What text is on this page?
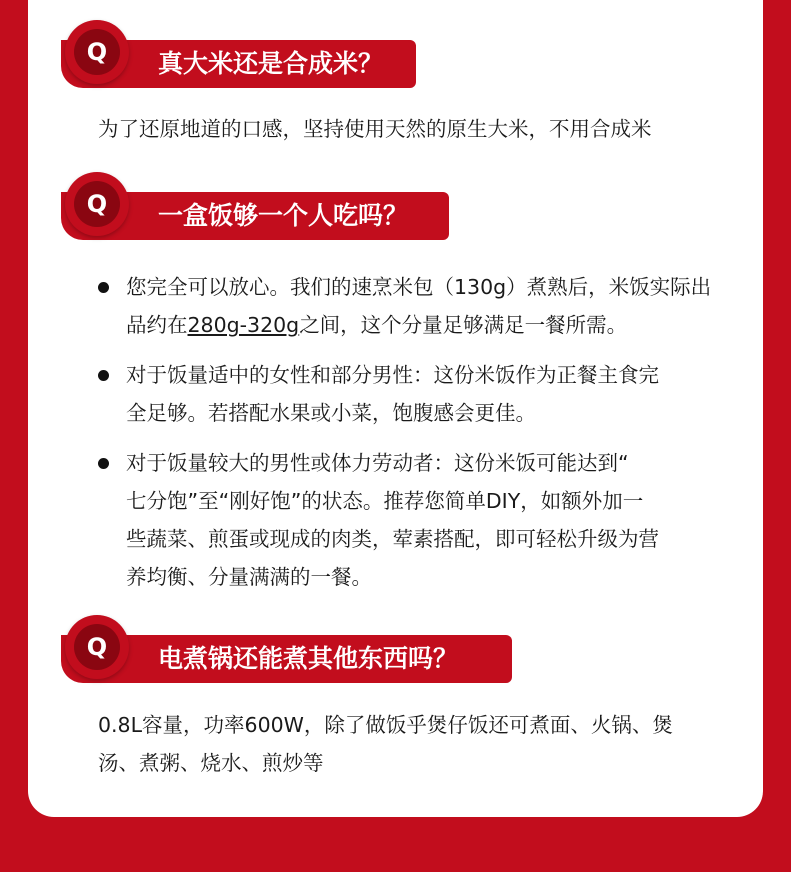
真大米还是合成米？
Q
为了还原地道的口感，坚持使用天然的原生大米，不用合成米
一盒饭够一个人吃吗？
Q
您完全可以放心。我们的速烹米包（130g）煮熟后，米饭实际出
品约在280g-320g之间，这个分量足够满足一餐所需。
对于饭量适中的女性和部分男性：这份米饭作为正餐主食完
全足够。若搭配水果或小菜，饱腹感会更佳。
对于饭量较大的男性或体力劳动者：这份米饭可能达到“
七分饱”至“刚好饱”的状态。推荐您简单DIY，如额外加一
些蔬菜、煎蛋或现成的肉类，荤素搭配，即可轻松升级为营
养均衡、分量满满的一餐。
电煮锅还能煮其他东西吗？
Q
0.8L容量，功率600W，除了做饭乎煲仔饭还可煮面、火锅、煲
汤、煮粥、烧水、煎炒等
